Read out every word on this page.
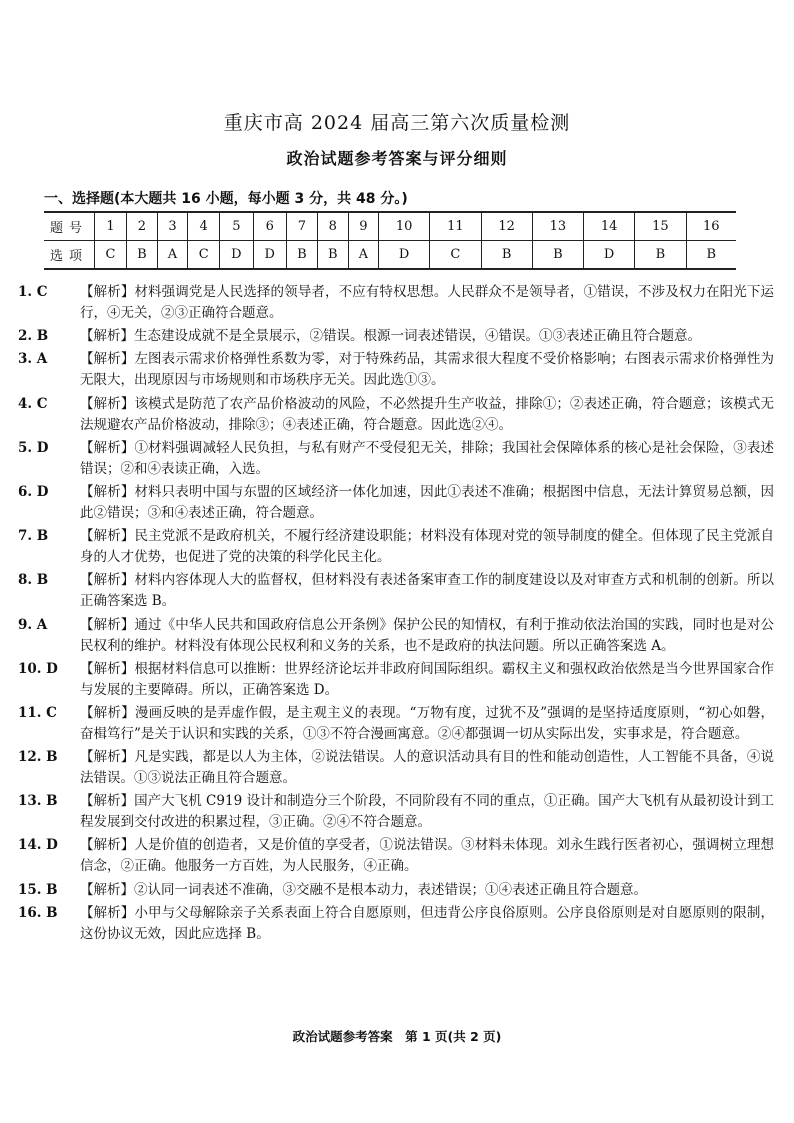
重庆市高 2024 届高三第六次质量检测
政治试题参考答案与评分细则
一、选择题(本大题共 16 小题，每小题 3 分，共 48 分。)
题号	1	2	3	4	5	6	7	8	9	10	11	12	13	14	15	16
选项	C	B	A	C	D	D	B	B	A	D	C	B	B	D	B	B
1. C	【解析】材料强调党是人民选择的领导者，不应有特权思想。人民群众不是领导者，①错误，不涉及权力在阳光下运行，④无关，②③正确符合题意。
2. B	【解析】生态建设成就不是全景展示，②错误。根源一词表述错误，④错误。①③表述正确且符合题意。
3. A	【解析】左图表示需求价格弹性系数为零，对于特殊药品，其需求很大程度不受价格影响；右图表示需求价格弹性为无限大，出现原因与市场规则和市场秩序无关。因此选①③。
4. C	【解析】该模式是防范了农产品价格波动的风险，不必然提升生产收益，排除①；②表述正确，符合题意；该模式无法规避农产品价格波动，排除③；④表述正确，符合题意。因此选②④。
5. D	【解析】①材料强调减轻人民负担，与私有财产不受侵犯无关，排除；我国社会保障体系的核心是社会保险，③表述错误；②和④表读正确，入选。
6. D	【解析】材料只表明中国与东盟的区域经济一体化加速，因此①表述不准确；根据图中信息，无法计算贸易总额，因此②错误；③和④表述正确，符合题意。
7. B	【解析】民主党派不是政府机关，不履行经济建设职能；材料没有体现对党的领导制度的健全。但体现了民主党派自身的人才优势，也促进了党的决策的科学化民主化。
8. B	【解析】材料内容体现人大的监督权，但材料没有表述备案审查工作的制度建设以及对审查方式和机制的创新。所以正确答案选 B。
9. A	【解析】通过《中华人民共和国政府信息公开条例》保护公民的知情权，有利于推动依法治国的实践，同时也是对公民权利的维护。材料没有体现公民权利和义务的关系，也不是政府的执法问题。所以正确答案选 A。
10. D	【解析】根据材料信息可以推断：世界经济论坛并非政府间国际组织。霸权主义和强权政治依然是当今世界国家合作与发展的主要障碍。所以，正确答案选 D。
11. C	【解析】漫画反映的是弄虚作假，是主观主义的表现。“万物有度，过犹不及”强调的是坚持适度原则，“初心如磐，奋楫笃行”是关于认识和实践的关系，①③不符合漫画寓意。②④都强调一切从实际出发，实事求是，符合题意。
12. B	【解析】凡是实践，都是以人为主体，②说法错误。人的意识活动具有目的性和能动创造性，人工智能不具备，④说法错误。①③说法正确且符合题意。
13. B	【解析】国产大飞机 C919 设计和制造分三个阶段，不同阶段有不同的重点，①正确。国产大飞机有从最初设计到工程发展到交付改进的积累过程，③正确。②④不符合题意。
14. D	【解析】人是价值的创造者，又是价值的享受者，①说法错误。③材料未体现。刘永生践行医者初心，强调树立理想信念，②正确。他服务一方百姓，为人民服务，④正确。
15. B	【解析】②认同一词表述不准确，③交融不是根本动力，表述错误；①④表述正确且符合题意。
16. B	【解析】小甲与父母解除亲子关系表面上符合自愿原则，但违背公序良俗原则。公序良俗原则是对自愿原则的限制，这份协议无效，因此应选择 B。
政治试题参考答案　第 1 页(共 2 页)
